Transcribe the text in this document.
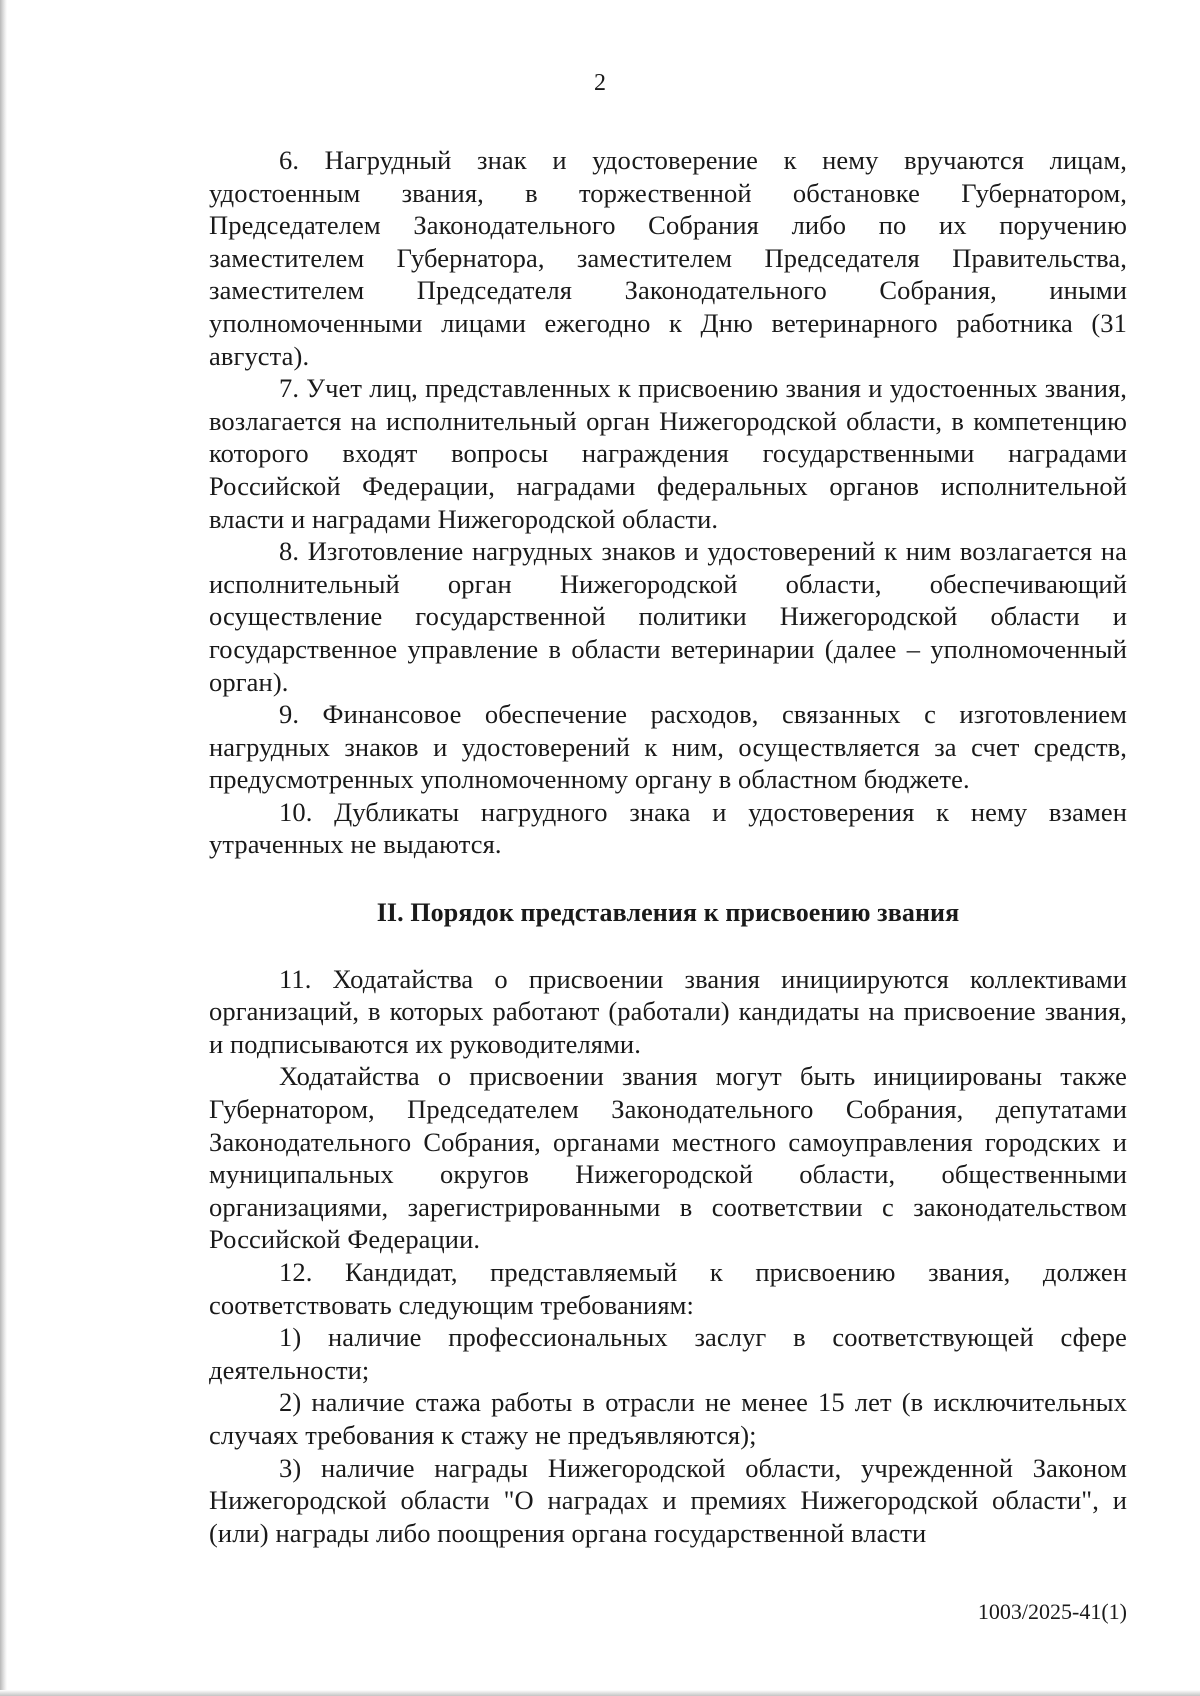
2

6. Нагрудный знак и удостоверение к нему вручаются лицам, удостоенным звания, в торжественной обстановке Губернатором, Председателем Законодательного Собрания либо по их поручению заместителем Губернатора, заместителем Председателя Правительства, заместителем Председателя Законодательного Собрания, иными уполномоченными лицами ежегодно к Дню ветеринарного работника (31 августа).

7. Учет лиц, представленных к присвоению звания и удостоенных звания, возлагается на исполнительный орган Нижегородской области, в компетенцию которого входят вопросы награждения государственными наградами Российской Федерации, наградами федеральных органов исполнительной власти и наградами Нижегородской области.

8. Изготовление нагрудных знаков и удостоверений к ним возлагается на исполнительный орган Нижегородской области, обеспечивающий осуществление государственной политики Нижегородской области и государственное управление в области ветеринарии (далее – уполномоченный орган).

9. Финансовое обеспечение расходов, связанных с изготовлением нагрудных знаков и удостоверений к ним, осуществляется за счет средств, предусмотренных уполномоченному органу в областном бюджете.

10. Дубликаты нагрудного знака и удостоверения к нему взамен утраченных не выдаются.

II. Порядок представления к присвоению звания

11. Ходатайства о присвоении звания инициируются коллективами организаций, в которых работают (работали) кандидаты на присвоение звания, и подписываются их руководителями.

Ходатайства о присвоении звания могут быть инициированы также Губернатором, Председателем Законодательного Собрания, депутатами Законодательного Собрания, органами местного самоуправления городских и муниципальных округов Нижегородской области, общественными организациями, зарегистрированными в соответствии с законодательством Российской Федерации.

12. Кандидат, представляемый к присвоению звания, должен соответствовать следующим требованиям:

1) наличие профессиональных заслуг в соответствующей сфере деятельности;

2) наличие стажа работы в отрасли не менее 15 лет (в исключительных случаях требования к стажу не предъявляются);

3) наличие награды Нижегородской области, учрежденной Законом Нижегородской области "О наградах и премиях Нижегородской области", и (или) награды либо поощрения органа государственной власти

1003/2025-41(1)
